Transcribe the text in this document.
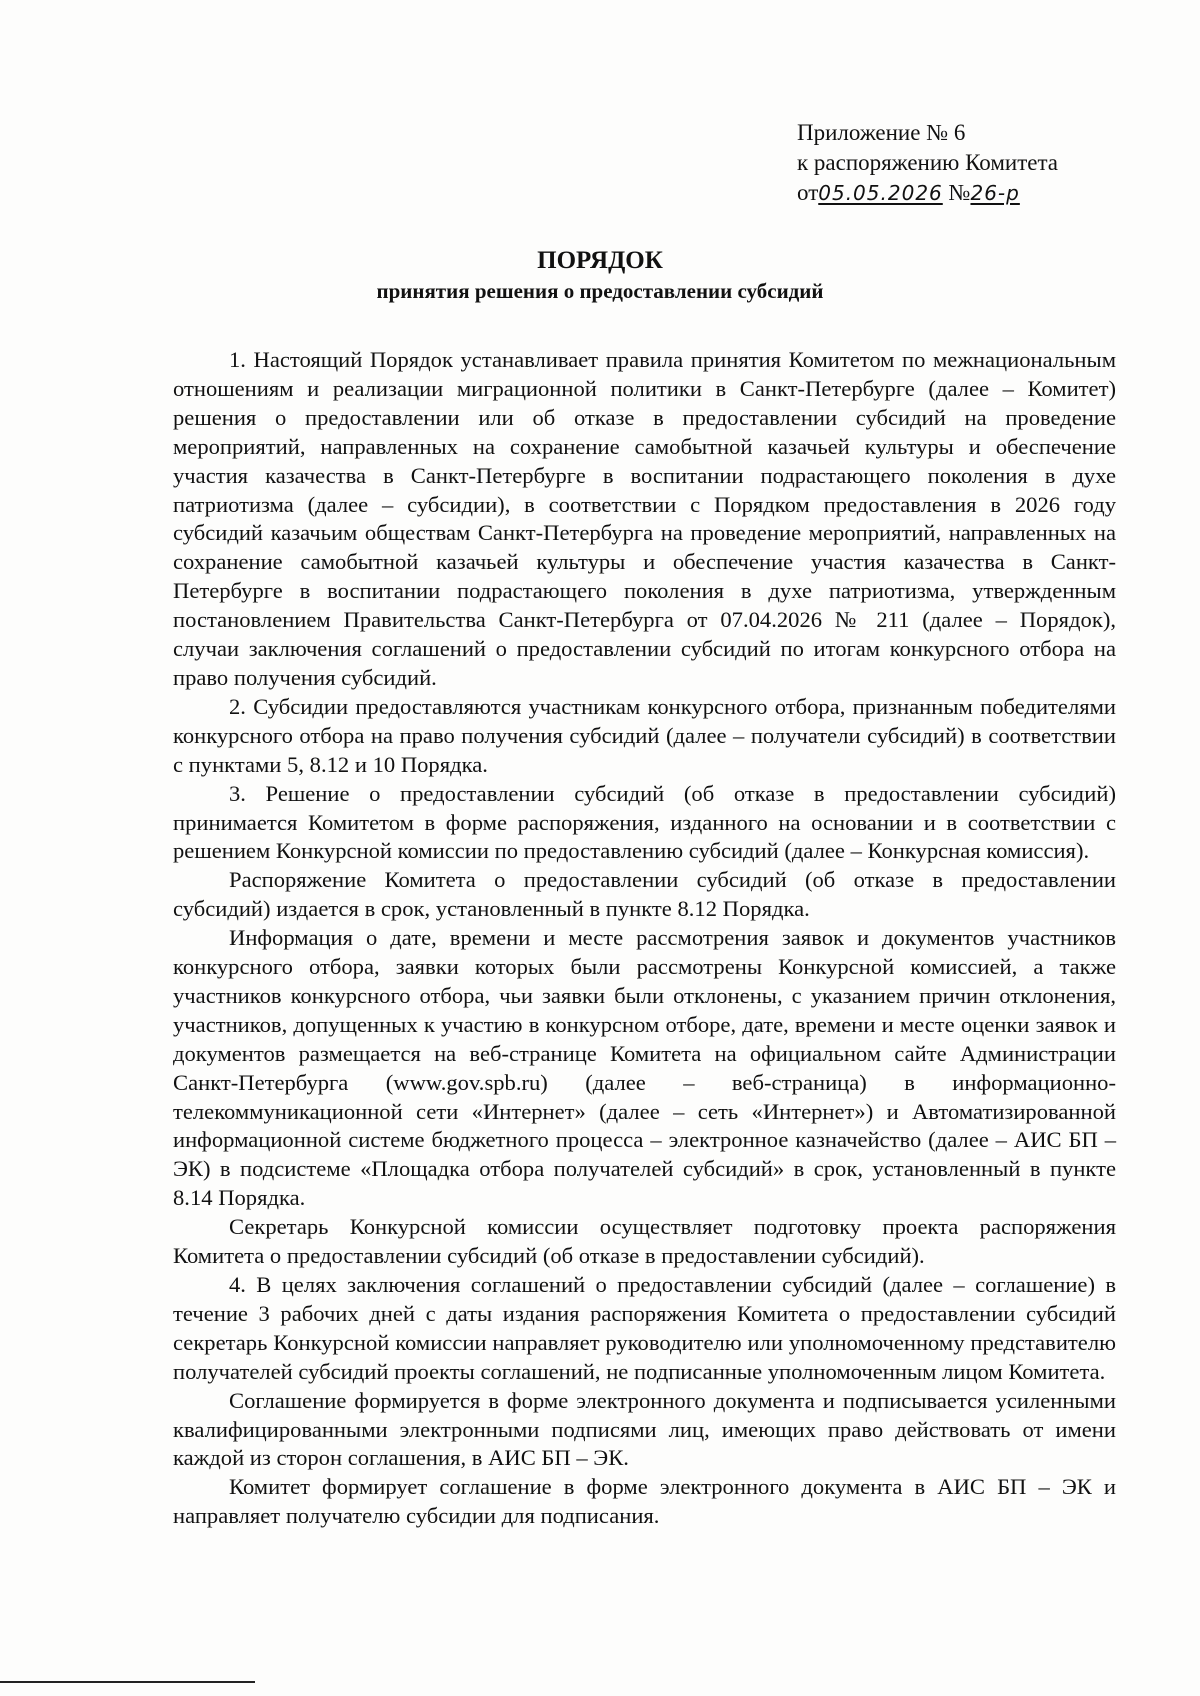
Приложение № 6
к распоряжению Комитета
от05.05.2026 №26-р
ПОРЯДОК
принятия решения о предоставлении субсидий

1. Настоящий Порядок устанавливает правила принятия Комитетом по межнациональным отношениям и реализации миграционной политики в Санкт-Петербурге (далее – Комитет) решения о предоставлении или об отказе в предоставлении субсидий на проведение мероприятий, направленных на сохранение самобытной казачьей культуры и обеспечение участия казачества в Санкт-Петербурге в воспитании подрастающего поколения в духе патриотизма (далее – субсидии), в соответствии с Порядком предоставления в 2026 году субсидий казачьим обществам Санкт-Петербурга на проведение мероприятий, направленных на сохранение самобытной казачьей культуры и обеспечение участия казачества в Санкт-Петербурге в воспитании подрастающего поколения в духе патриотизма, утвержденным постановлением Правительства Санкт-Петербурга от 07.04.2026 № 211 (далее – Порядок), случаи заключения соглашений о предоставлении субсидий по итогам конкурсного отбора на право получения субсидий.

2. Субсидии предоставляются участникам конкурсного отбора, признанным победителями конкурсного отбора на право получения субсидий (далее – получатели субсидий) в соответствии с пунктами 5, 8.12 и 10 Порядка.

3. Решение о предоставлении субсидий (об отказе в предоставлении субсидий) принимается Комитетом в форме распоряжения, изданного на основании и в соответствии с решением Конкурсной комиссии по предоставлению субсидий (далее – Конкурсная комиссия).

Распоряжение Комитета о предоставлении субсидий (об отказе в предоставлении субсидий) издается в срок, установленный в пункте 8.12 Порядка.

Информация о дате, времени и месте рассмотрения заявок и документов участников конкурсного отбора, заявки которых были рассмотрены Конкурсной комиссией, а также участников конкурсного отбора, чьи заявки были отклонены, с указанием причин отклонения, участников, допущенных к участию в конкурсном отборе, дате, времени и месте оценки заявок и документов размещается на веб-странице Комитета на официальном сайте Администрации Санкт-Петербурга (www.gov.spb.ru) (далее – веб-страница) в информационно-телекоммуникационной сети «Интернет» (далее – сеть «Интернет») и Автоматизированной информационной системе бюджетного процесса – электронное казначейство (далее – АИС БП – ЭК) в подсистеме «Площадка отбора получателей субсидий» в срок, установленный в пункте 8.14 Порядка.

Секретарь Конкурсной комиссии осуществляет подготовку проекта распоряжения Комитета о предоставлении субсидий (об отказе в предоставлении субсидий).

4. В целях заключения соглашений о предоставлении субсидий (далее – соглашение) в течение 3 рабочих дней с даты издания распоряжения Комитета о предоставлении субсидий секретарь Конкурсной комиссии направляет руководителю или уполномоченному представителю получателей субсидий проекты соглашений, не подписанные уполномоченным лицом Комитета.

Соглашение формируется в форме электронного документа и подписывается усиленными квалифицированными электронными подписями лиц, имеющих право действовать от имени каждой из сторон соглашения, в АИС БП – ЭК.

Комитет формирует соглашение в форме электронного документа в АИС БП – ЭК и направляет получателю субсидии для подписания.
